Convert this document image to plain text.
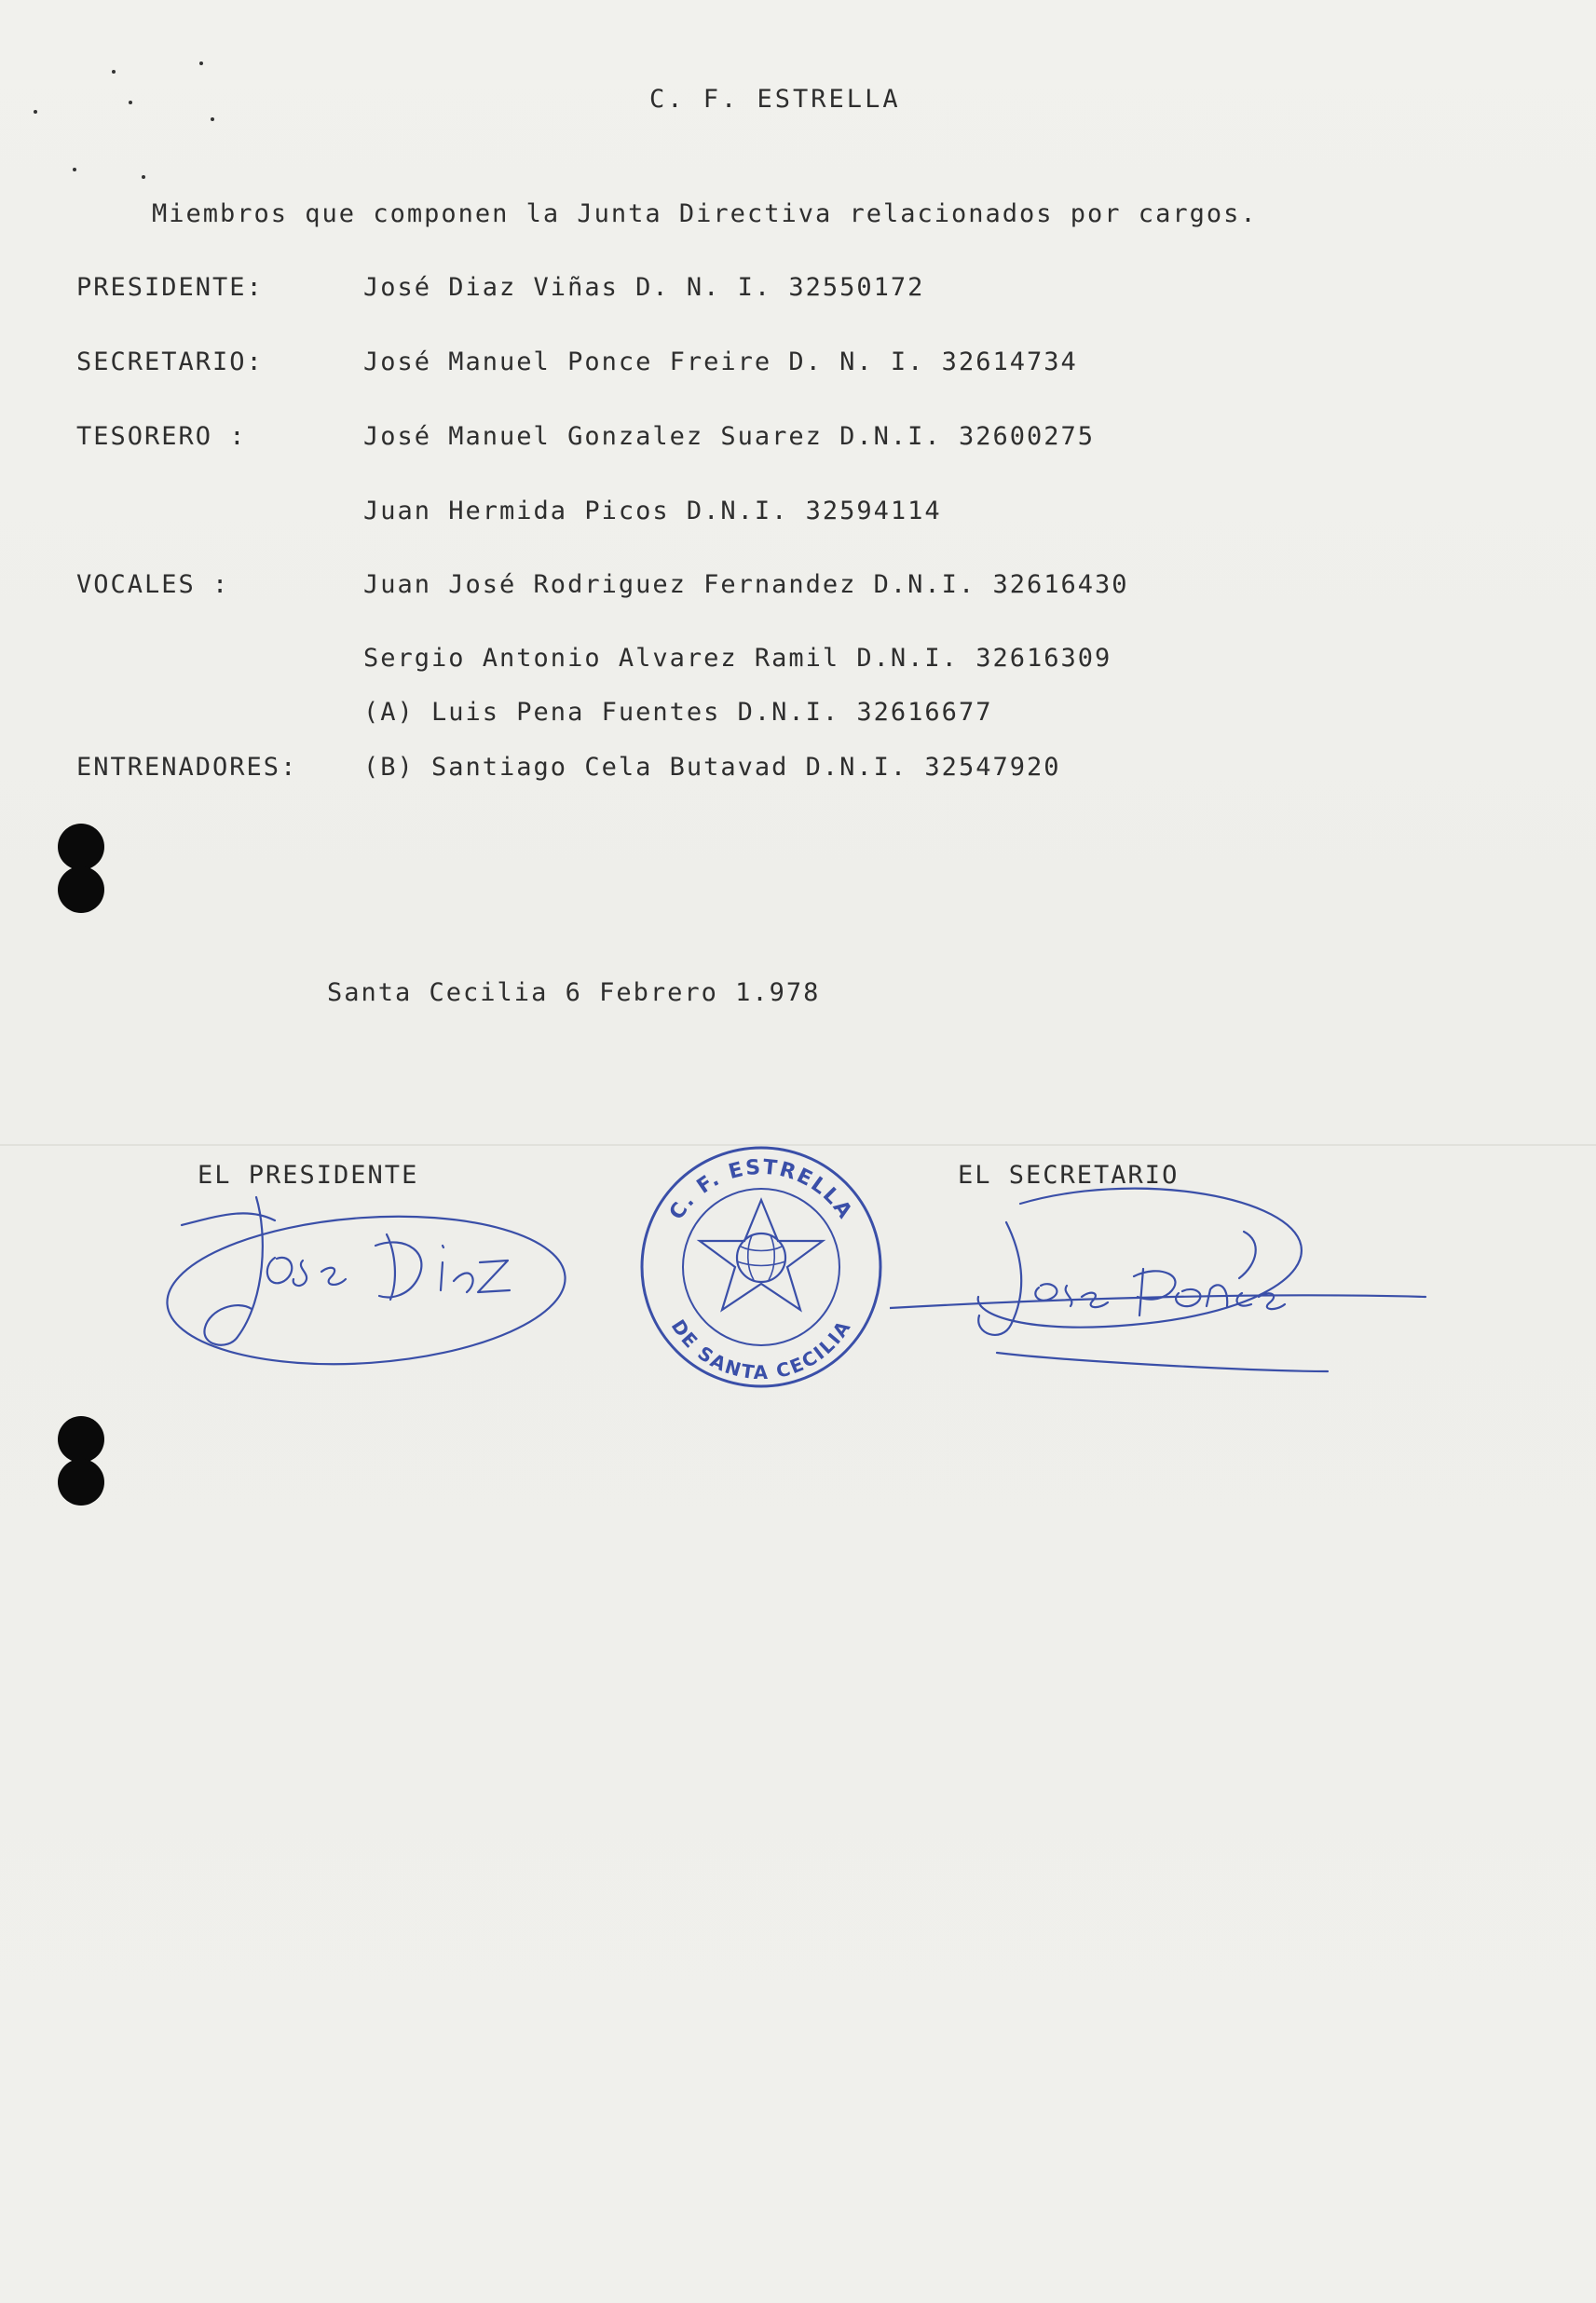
C. F. ESTRELLA
Miembros que componen la Junta Directiva relacionados por cargos.
PRESIDENTE:	José Diaz Viñas D. N. I. 32550172
SECRETARIO:	José Manuel Ponce Freire D. N. I. 32614734
TESORERO :	José Manuel Gonzalez Suarez D.N.I. 32600275
Juan Hermida Picos D.N.I. 32594114
VOCALES :	Juan José Rodriguez Fernandez D.N.I. 32616430
Sergio Antonio Alvarez Ramil D.N.I. 32616309
(A) Luis Pena Fuentes D.N.I. 32616677
ENTRENADORES:	(B) Santiago Cela Butavad D.N.I. 32547920
Santa Cecilia 6 Febrero 1.978
EL PRESIDENTE	EL SECRETARIO
C. F. ESTRELLA
DE SANTA CECILIA
